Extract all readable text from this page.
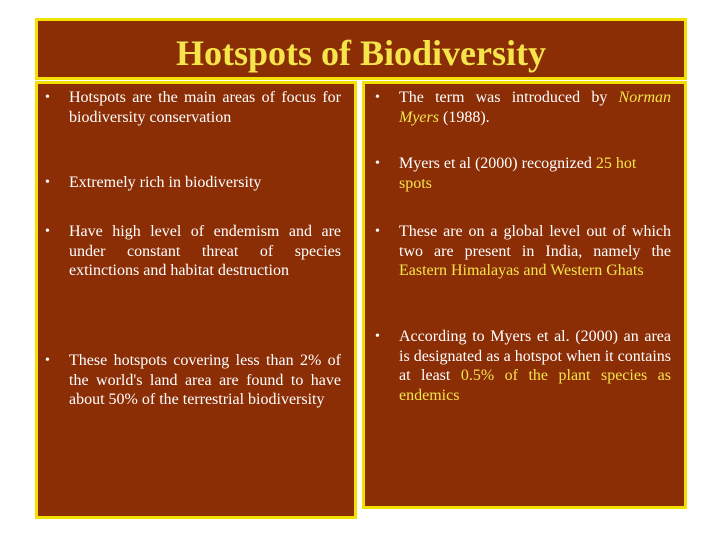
Hotspots of Biodiversity
• Hotspots are the main areas of focus for biodiversity conservation
• Extremely rich in biodiversity
• Have high level of endemism and are under constant threat of species extinctions and habitat destruction
• These hotspots covering less than 2% of the world's land area are found to have about 50% of the terrestrial biodiversity
• The term was introduced by Norman Myers (1988).
• Myers et al (2000) recognized 25 hot spots
• These are on a global level out of which two are present in India, namely the Eastern Himalayas and Western Ghats
• According to Myers et al. (2000) an area is designated as a hotspot when it contains at least 0.5% of the plant species as endemics
